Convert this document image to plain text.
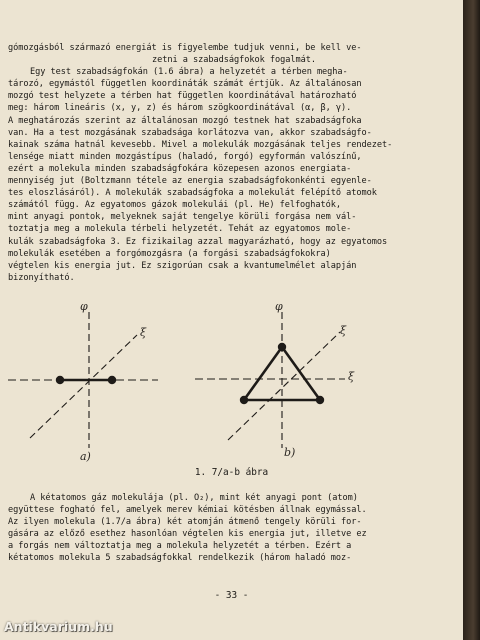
gómozgásból származó energiát is figyelembe tudjuk venni, be kell ve-
zetni a szabadságfokok fogalmát.
Egy test szabadságfokán (1.6 ábra) a helyzetét a térben megha-
tározó, egymástól független koordináták számát értjük. Az általánosan
mozgó test helyzete a térben hat független koordinátával határozható
meg: három lineáris (x, y, z) és három szögkoordinátával (α, β, γ).
A meghatározás szerint az általánosan mozgó testnek hat szabadságfoka
van. Ha a test mozgásának szabadsága korlátozva van, akkor szabadságfo-
kainak száma hatnál kevesebb. Mivel a molekulák mozgásának teljes rendezet-
lensége miatt minden mozgástípus (haladó, forgó) egyformán valószínű,
ezért a molekula minden szabadságfokára közepesen azonos energiata-
mennyiség jut (Boltzmann tétele az energia szabadságfokonkénti egyenle-
tes eloszlásáról). A molekulák szabadságfoka a molekulát felépítő atomok
számától függ. Az egyatomos gázok molekulái (pl. He) felfoghatók,
mint anyagi pontok, melyeknek saját tengelye körüli forgása nem vál-
toztatja meg a molekula térbeli helyzetét. Tehát az egyatomos mole-
kulák szabadságfoka 3. Ez fizikailag azzal magyarázható, hogy az egyatomos
molekulák esetében a forgómozgásra (a forgási szabadságfokokra)
végtelen kis energia jut. Ez szigorúan csak a kvantumelmélet alapján
bizonyítható.
φ
ξ
φ
ξ
ξ
a)	b)
1. 7/a-b ábra
A kétatomos gáz molekulája (pl. O₂), mint két anyagi pont (atom)
együttese fogható fel, amelyek merev kémiai kötésben állnak egymással.
Az ilyen molekula (1.7/a ábra) két atomján átmenő tengely körüli for-
gására az előző esethez hasonlóan végtelen kis energia jut, illetve ez
a forgás nem változtatja meg a molekula helyzetét a térben. Ezért a
kétatomos molekula 5 szabadságfokkal rendelkezik (három haladó moz-
- 33 -
Antikvarium.hu
